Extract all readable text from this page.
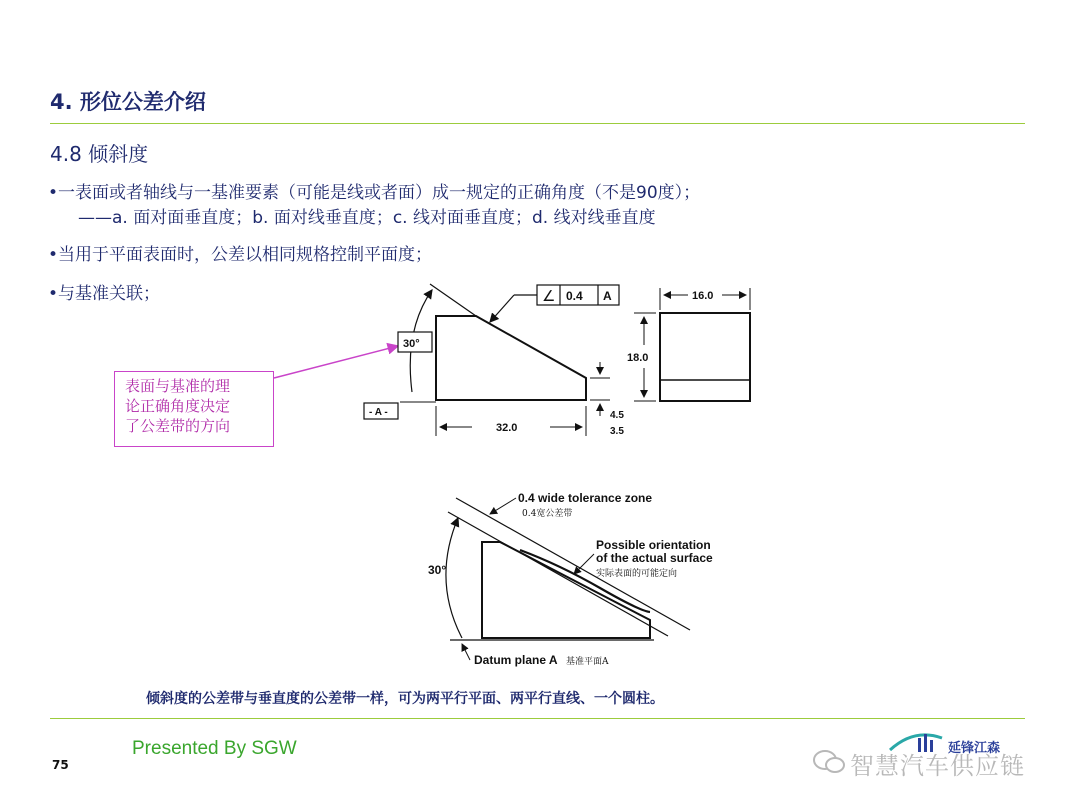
4. 形位公差介绍
4.8 倾斜度
•一表面或者轴线与一基准要素（可能是线或者面）成一规定的正确角度（不是90度）；
——a. 面对面垂直度；b. 面对线垂直度；c. 线对面垂直度；d. 线对线垂直度
•当用于平面表面时，公差以相同规格控制平面度；
•与基准关联；
表面与基准的理
论正确角度决定
了公差带的方向
30°
- A -
∠ 0.4 A
32.0
4.5
3.5
16.0
18.0
30°
0.4 wide tolerance zone
0.4宽公差带
Possible orientation
of the actual surface
实际表面的可能定向
Datum plane A 基准平面A
倾斜度的公差带与垂直度的公差带一样，可为两平行平面、两平行直线、一个圆柱。
Presented By SGW
75
延锋江森
智慧汽车供应链
